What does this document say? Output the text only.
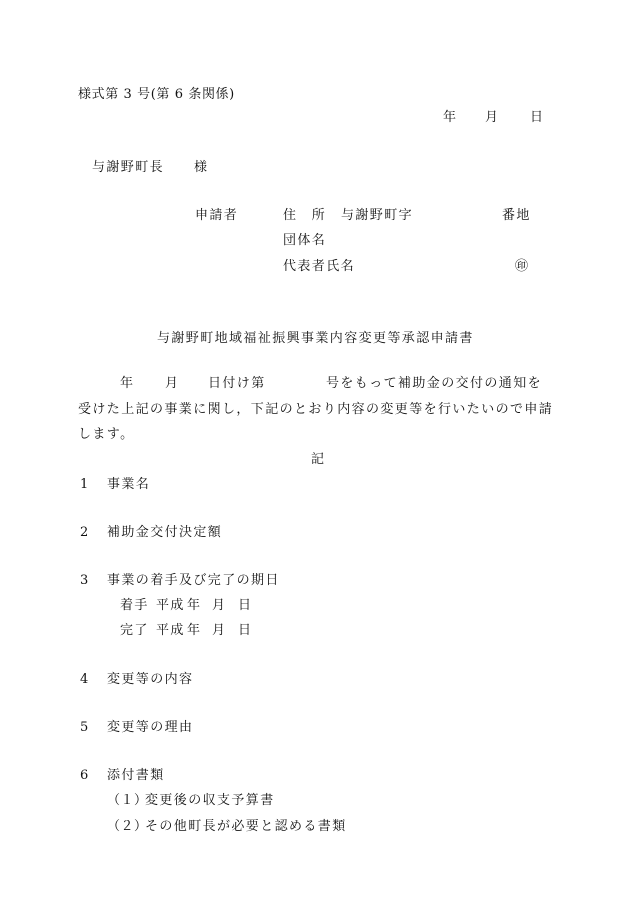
様式第 3 号(第 6 条関係)
年 月 日
与謝野町長 様
申請者	住　所 与謝野町字	番地
団体名
代表者氏名	㊞
与謝野町地域福祉振興事業内容変更等承認申請書
年 月 日付け第	号をもって補助金の交付の通知を
受けた上記の事業に関し，下記のとおり内容の変更等を行いたいので申請
します。
記
1 事業名
2 補助金交付決定額
3 事業の着手及び完了の期日
着手 平成 年 月 日
完了 平成 年 月 日
4 変更等の内容
5 変更等の理由
6 添付書類
（１）
変更後の収支予算書
（２）
その他町長が必要と認める書類
